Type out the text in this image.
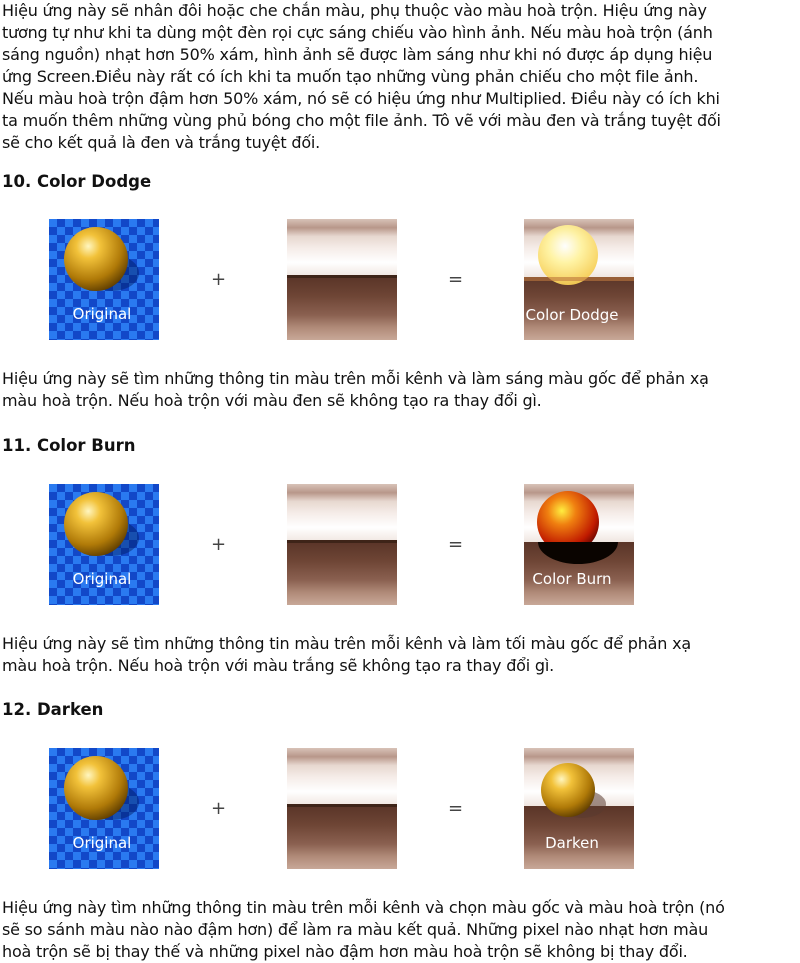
Hiệu ứng này sẽ nhân đôi hoặc che chắn màu, phụ thuộc vào màu hoà trộn. Hiệu ứng này
tương tự như khi ta dùng một đèn rọi cực sáng chiếu vào hình ảnh. Nếu màu hoà trộn (ánh
sáng nguồn) nhạt hơn 50% xám, hình ảnh sẽ được làm sáng như khi nó được áp dụng hiệu
ứng Screen.Điều này rất có ích khi ta muốn tạo những vùng phản chiếu cho một file ảnh.
Nếu màu hoà trộn đậm hơn 50% xám, nó sẽ có hiệu ứng như Multiplied. Điều này có ích khi
ta muốn thêm những vùng phủ bóng cho một file ảnh. Tô vẽ với màu đen và trắng tuyệt đối
sẽ cho kết quả là đen và trắng tuyệt đối.
10. Color Dodge
Original
+	=
Color Dodge
Hiệu ứng này sẽ tìm những thông tin màu trên mỗi kênh và làm sáng màu gốc để phản xạ
màu hoà trộn. Nếu hoà trộn với màu đen sẽ không tạo ra thay đổi gì.
11. Color Burn
Original
+	=
Color Burn
Hiệu ứng này sẽ tìm những thông tin màu trên mỗi kênh và làm tối màu gốc để phản xạ
màu hoà trộn. Nếu hoà trộn với màu trắng sẽ không tạo ra thay đổi gì.
12. Darken
Original
+	=
Darken
Hiệu ứng này tìm những thông tin màu trên mỗi kênh và chọn màu gốc và màu hoà trộn (nó
sẽ so sánh màu nào nào đậm hơn) để làm ra màu kết quả. Những pixel nào nhạt hơn màu
hoà trộn sẽ bị thay thế và những pixel nào đậm hơn màu hoà trộn sẽ không bị thay đổi.
